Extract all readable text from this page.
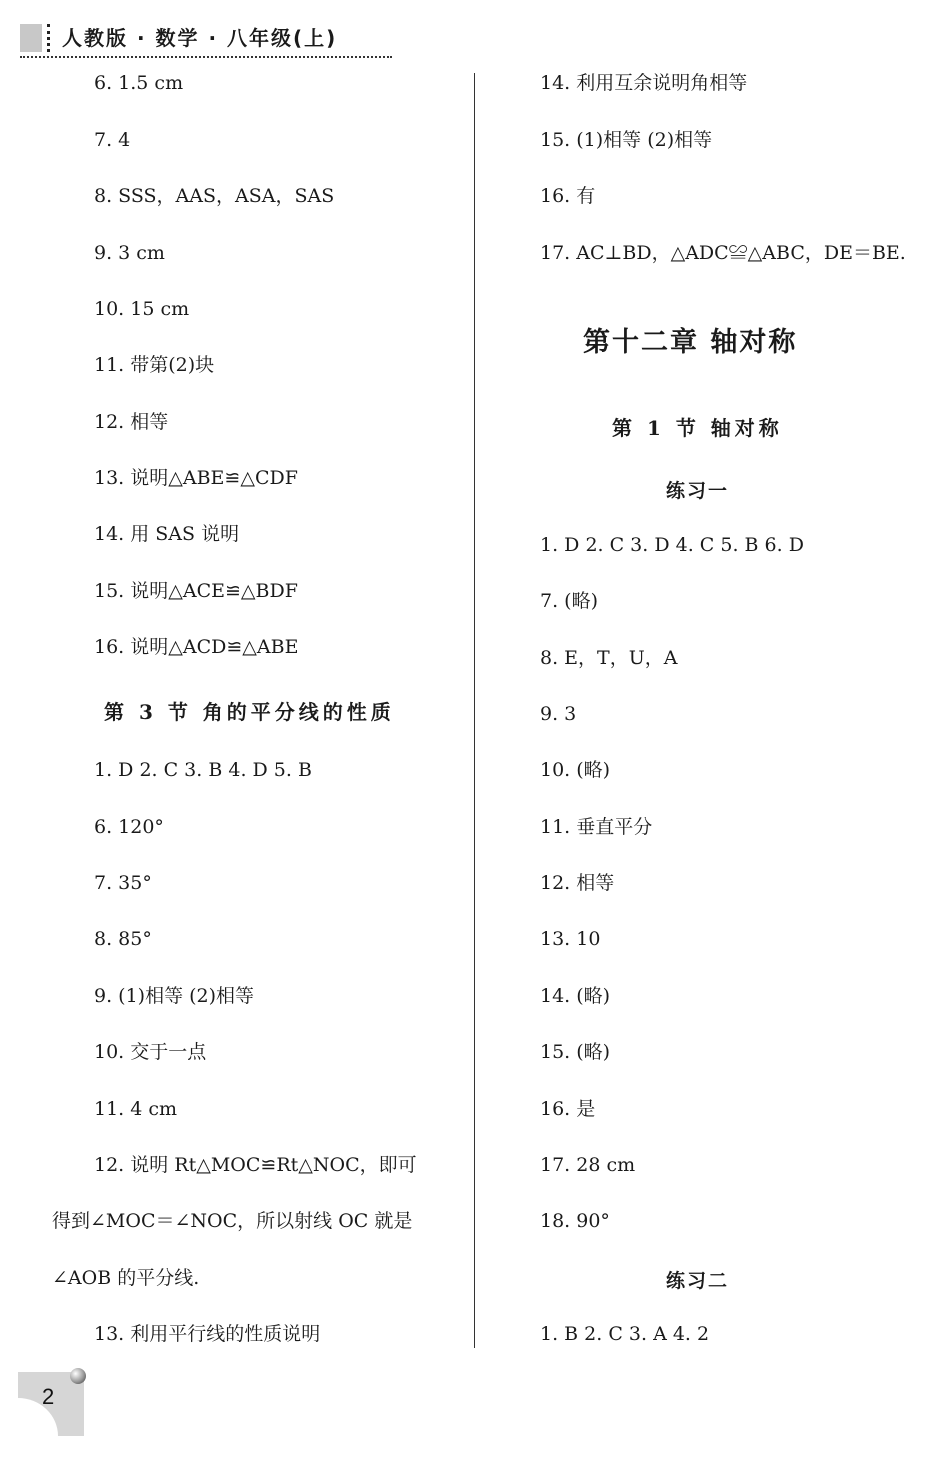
人教版 · 数学 · 八年级(上)
6. 1.5 cm
7. 4
8. SSS，AAS，ASA，SAS
9. 3 cm
10. 15 cm
11. 带第(2)块
12. 相等
13. 说明△ABE≌△CDF
14. 用 SAS 说明
15. 说明△ACE≌△BDF
16. 说明△ACD≌△ABE
第 3 节 角的平分线的性质
1. D 2. C 3. B 4. D 5. B
6. 120°
7. 35°
8. 85°
9. (1)相等 (2)相等
10. 交于一点
11. 4 cm
12. 说明 Rt△MOC≌Rt△NOC，即可
得到∠MOC＝∠NOC，所以射线 OC 就是
∠AOB 的平分线.
13. 利用平行线的性质说明
14. 利用互余说明角相等
15. (1)相等 (2)相等
16. 有
17. AC⊥BD，△ADC≌△ABC，DE＝BE.
第十二章 轴对称
第 1 节 轴对称
练习一
1. D 2. C 3. D 4. C 5. B 6. D
7. (略)
8. E，T，U，A
9. 3
10. (略)
11. 垂直平分
12. 相等
13. 10
14. (略)
15. (略)
16. 是
17. 28 cm
18. 90°
练习二
1. B 2. C 3. A 4. 2
2
